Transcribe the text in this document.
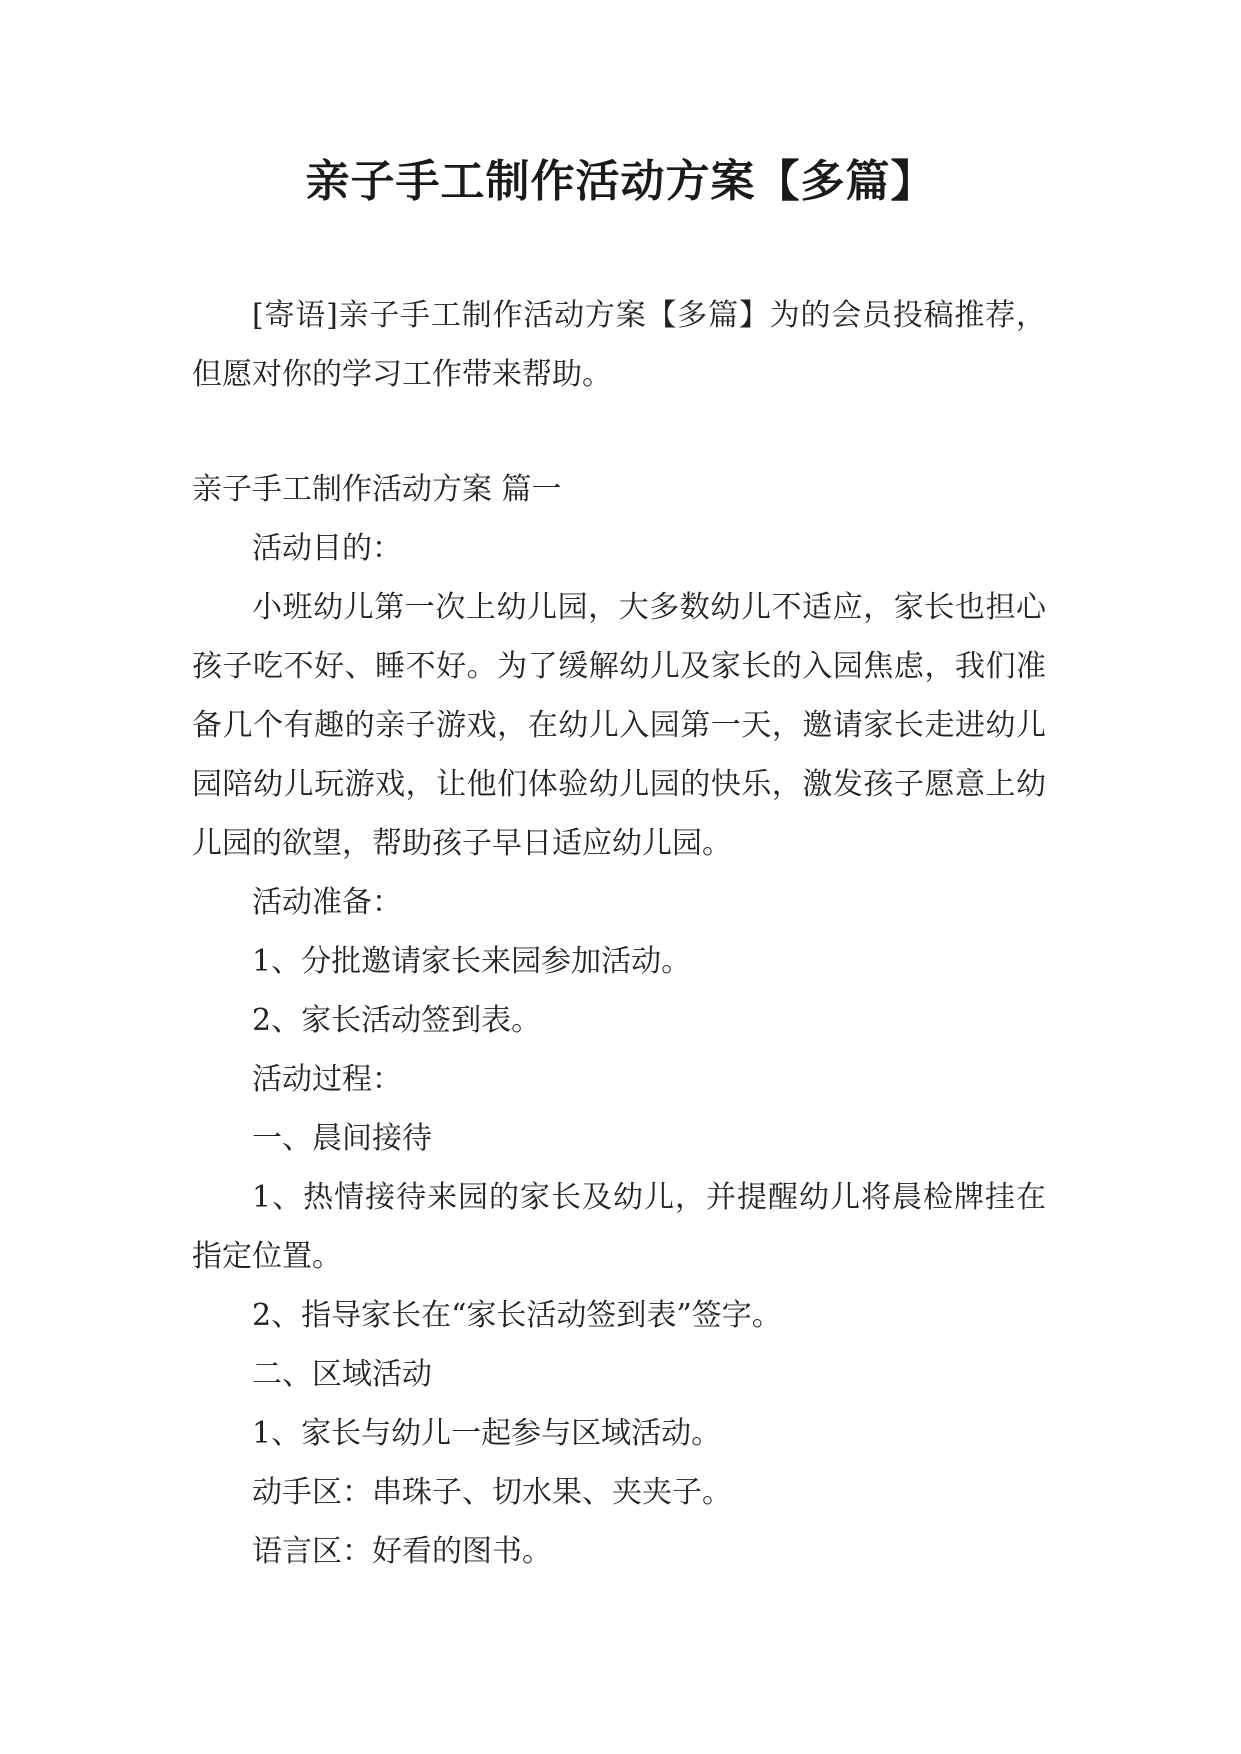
亲子手工制作活动方案【多篇】

[寄语]亲子手工制作活动方案【多篇】为的会员投稿推荐，但愿对你的学习工作带来帮助。

亲子手工制作活动方案 篇一

活动目的：

小班幼儿第一次上幼儿园，大多数幼儿不适应，家长也担心孩子吃不好、睡不好。为了缓解幼儿及家长的入园焦虑，我们准备几个有趣的亲子游戏，在幼儿入园第一天，邀请家长走进幼儿园陪幼儿玩游戏，让他们体验幼儿园的快乐，激发孩子愿意上幼儿园的欲望，帮助孩子早日适应幼儿园。

活动准备：

1、分批邀请家长来园参加活动。

2、家长活动签到表。

活动过程：

一、晨间接待

1、热情接待来园的家长及幼儿，并提醒幼儿将晨检牌挂在指定位置。

2、指导家长在“家长活动签到表”签字。

二、区域活动

1、家长与幼儿一起参与区域活动。

动手区：串珠子、切水果、夹夹子。

语言区：好看的图书。
